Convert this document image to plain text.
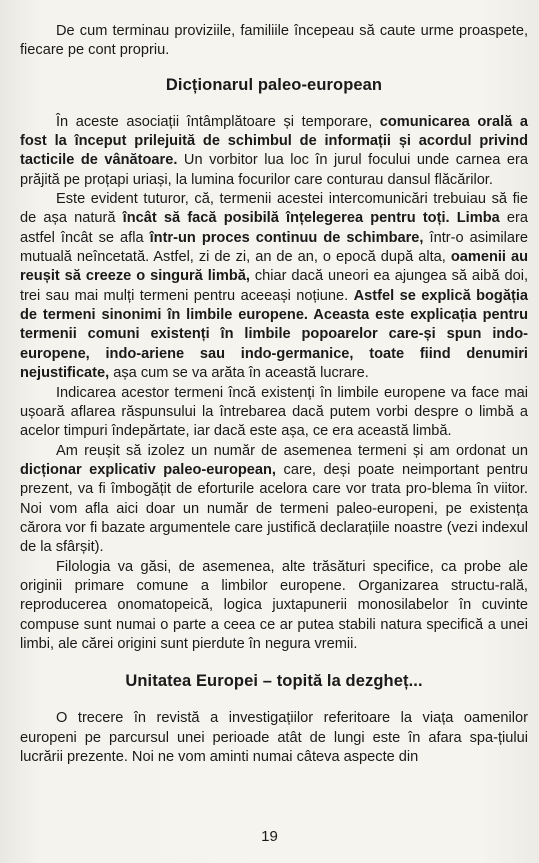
De cum terminau proviziile, familiile începeau să caute urme proaspete, fiecare pe cont propriu.

Dicționarul paleo-european

În aceste asociații întâmplătoare și temporare, comunicarea orală a fost la început prilejuită de schimbul de informații și acordul privind tacticile de vânătoare. Un vorbitor lua loc în jurul focului unde carnea era prăjită pe proțapi uriași, la lumina focurilor care conturau dansul flăcărilor.

Este evident tuturor, că, termenii acestei intercomunicări trebuiau să fie de așa natură încât să facă posibilă înțelegerea pentru toți. Limba era astfel încât se afla într-un proces continuu de schimbare, într-o asimilare mutuală neîncetată. Astfel, zi de zi, an de an, o epocă după alta, oamenii au reușit să creeze o singură limbă, chiar dacă uneori ea ajungea să aibă doi, trei sau mai mulți termeni pentru aceeași noțiune. Astfel se explică bogăția de termeni sinonimi în limbile europene. Aceasta este explicația pentru termenii comuni existenți în limbile popoarelor care-și spun indo-europene, indo-ariene sau indo-germanice, toate fiind denumiri nejustificate, așa cum se va arăta în această lucrare.

Indicarea acestor termeni încă existenți în limbile europene va face mai ușoară aflarea răspunsului la întrebarea dacă putem vorbi despre o limbă a acelor timpuri îndepărtate, iar dacă este așa, ce era această limbă.

Am reușit să izolez un număr de asemenea termeni și am ordonat un dicționar explicativ paleo-european, care, deși poate neimportant pentru prezent, va fi îmbogățit de eforturile acelora care vor trata pro-blema în viitor. Noi vom afla aici doar un număr de termeni paleo-europeni, pe existența cărora vor fi bazate argumentele care justifică declarațiile noastre (vezi indexul de la sfârșit).

Filologia va găsi, de asemenea, alte trăsături specifice, ca probe ale originii primare comune a limbilor europene. Organizarea structu-rală, reproducerea onomatopeică, logica juxtapunerii monosilabelor în cuvinte compuse sunt numai o parte a ceea ce ar putea stabili natura specifică a unei limbi, ale cărei origini sunt pierdute în negura vremii.

Unitatea Europei – topită la dezgheț...

O trecere în revistă a investigațiilor referitoare la viața oamenilor europeni pe parcursul unei perioade atât de lungi este în afara spa-țiului lucrării prezente. Noi ne vom aminti numai câteva aspecte din

19
